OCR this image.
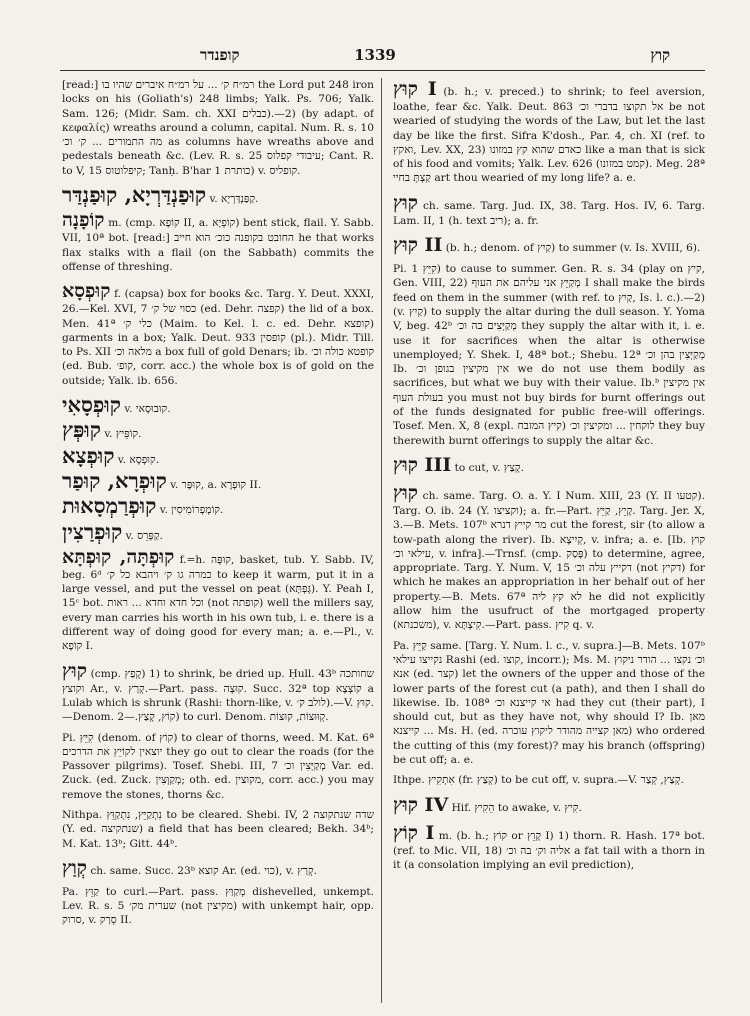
קופנדר	1339	קוץ
[read:] רמ״ח ק׳ ... על רמ״ח איברים שהיו בו the Lord put 248 iron locks on his (Goliath's) 248 limbs; Yalk. Ps. 706; Yalk. Sam. 126; (Midr. Sam. ch. XXI כבלים).—2) (by adapt. of κεφαλίς) wreaths around a column, capital. Num. R. s. 10 מה התמורים ... ק׳ וכ׳ as columns have wreaths above and pedestals beneath &c. (Lev. R. s. 25 עיבודי קפלוס; Cant. R. to V, 15 קיפלוטוס; Tanḥ. B'har 1 כותרת) v. קופליס.
קוּפַנְדַּרְיָא, קוּפַנְדַּר v. קַפַּנְדַּרְיָא.
קוֹפָנָה m. (cmp. קוֹפָא II, a. קוֹפְיָא) bent stick, flail. Y. Sabb. VII, 10ª bot. [read:] החובט בקופנה כוכ׳ הוא חייב he that works flax stalks with a flail (on the Sabbath) commits the offense of threshing.
קוּפְסָא f. (capsa) box for books &c. Targ. Y. Deut. XXXI, 26.—Kel. XVI, 7 כסוי של ק׳ (ed. Dehr. קפצה) the lid of a box. Men. 41ª כלי ק׳ (Maim. to Kel. l. c. ed. Dehr. קופצא) garments in a box; Yalk. Deut. 933 קופסין (pl.). Midr. Till. to Ps. XII מלאה וכ׳ a box full of gold Denars; ib. קופטא כולה וכ׳ (ed. Bub. קופ׳, corr. acc.) the whole box is of gold on the outside; Yalk. ib. 656.
קוּפְסָאִי v. קוּבוּסָאי.
קוּפְּץ v. קוֹפֵּיץ.
קוּפְצָא v. קוּפְסָא.
קוּפְרָא, קוּפַר v. קוּפָּר, a. קוּפְרָא II.
קוּפְרַמְסָאוּת v. קוֹמְפְרוֹמִיסִין.
קוּפְרַצִין v. קַפְּרֵס.
קוּפְתָּה, קוּפְתָּא f.=h. קוּפָּה, basket, tub. Y. Sabb. IV, beg. 6ᵈ כמרה גו ק׳ ויהבא כל ק׳ to keep it warm, put it in a large vessel, and put the vessel on peat (גְּפְתָּא). Y. Peah I, 15ᶜ bot. וכל חדא וחדא ... ראות (not קופתה) well the millers say, every man carries his worth in his own tub, i. e. there is a different way of doing good for every man; a. e.—Pl., v. קוֹפָא I.
קוּץ (cmp. קָפַץ) 1) to shrink, be dried up. Ḥull. 43ᵇ שחותכה וקוצץ Ar., v. קְרַץ.—Part. pass. קוּצָה. Succ. 32ª top קוֹצְצָא a Lulab which is shrunk (Rashi: thorn-like, v. לולב ק׳).—V. קוּץ.—Denom. קוֹץ, קָצַץ.—2) to curl. Denom. קְוּוּצוֹת, קוּצוֹת.
Pi. קִיֵּץ (denom. of קוֹץ) to clear of thorns, weed. M. Kat. 6ª יוצאין לקוֹיֵץ את הדרכים they go out to clear the roads (for the Passover pilgrims). Tosef. Shebi. III, 7 מְקַיְּצִין וכ׳ Var. ed. Zuck. (ed. Zuck. מְקַוְּצִין; oth. ed. מקוצין, corr. acc.) you may remove the stones, thorns &c.
Nithpa. נִתְקַיֵּץ, נִתְקַוֵּץ to be cleared. Shebi. IV, 2 שדה שנתקוצה (Y. ed. שנתקיצה) a field that has been cleared; Bekh. 34ᵇ; M. Kat. 13ᵇ; Gitt. 44ᵇ.
קְוַץ ch. same. Succ. 23ᵇ קוצא Ar. (ed. כוי), v. קְרַץ.
Pa. קַוֵּץ to curl.—Part. pass. מְקַוַּץ dishevelled, unkempt. Lev. R. s. 5 שערית מק׳ (not מקיצין) with unkempt hair, opp. סרוק, v. סְרַק II.
קוּץ I (b. h.; v. preced.) to shrink; to feel aversion, loathe, fear &c. Yalk. Deut. 863 אל תקוצו בדברי וכ׳ be not wearied of studying the words of the Law, but let the last day be like the first. Sifra K'dosh., Par. 4, ch. XI (ref. to ואקץ, Lev. XX, 23) כאדם שהוא קץ במזונו like a man that is sick of his food and vomits; Yalk. Lev. 626 (קמט במזונו). Meg. 28ª קַצְתָּ בחיי art thou wearied of my long life? a. e.
קוּץ ch. same. Targ. Jud. IX, 38. Targ. Hos. IV, 6. Targ. Lam. II, 1 (h. text ריב); a. fr.
קוּץ II (b. h.; denom. of קַיִץ) to summer (v. Is. XVIII, 6).
Pi. קִיֵּץ 1) to cause to summer. Gen. R. s. 34 (play on קיץ, Gen. VIII, 22) מְקַיֵּץ אני עליהם את העוף I shall make the birds feed on them in the summer (with ref. to קַיִץ, Is. l. c.).—2) (v. קַיִץ) to supply the altar during the dull season. Y. Yoma V, beg. 42ᵇ מְקַיְּצִים בה וכ׳ they supply the altar with it, i. e. use it for sacrifices when the altar is otherwise unemployed; Y. Shek. I, 48ª bot.; Shebu. 12ª מְקַיְּצִין בהן וכ׳ Ib. אין מקיצין בגופן וכ׳ we do not use them bodily as sacrifices, but what we buy with their value. Ib.ᵇ אין מקיצין בעולת העוף you must not buy birds for burnt offerings out of the funds designated for public free-will offerings. Tosef. Men. X, 8 (expl. קיץ המזבח) לוקחין ... ומקיצין וכ׳ they buy therewith burnt offerings to supply the altar &c.
קוּץ III to cut, v. קָצַץ.
קוּץ ch. same. Targ. O. a. Y. I Num. XIII, 23 (Y. II קטעו). Targ. O. ib. 24 (Y. וקציצו); a. fr.—Part. קָיֵץ, קַיֵּץ. Targ. Jer. X, 3.—B. Mets. 107ᵇ מר קייץ דנרא cut the forest, sir (to allow a tow-path along the river). Ib. קְיִיצָא, v. infra; a. e. [Ib. קוץ עילאי וכ׳, v. infra].—Trnsf. (cmp. פָּסַק) to determine, agree, appropriate. Targ. Y. Num. V, 15 דקייץ עלה וכ׳ (not דקיץ) for which he makes an appropriation in her behalf out of her property.—B. Mets. 67ª לא קץ ליה he did not explicitly allow him the usufruct of the mortgaged property (משכנתא), v. קִיצְתָּא.—Part. pass. קִיץ q. v.
Pa. קַיֵּץ same. [Targ. Y. Num. l. c., v. supra.]—B. Mets. 107ᵇ נקייצו עילאי Rashi (ed. קוצו, incorr.); Ms. M. וכ׳ נקצו ... הודר ניקוץ אנא (ed. קצר) let the owners of the upper and those of the lower parts of the forest cut (a path), and then I shall do likewise. Ib. 108ª אי קייצנא וכ׳ had they cut (their part), I should cut, but as they have not, why should I? Ib. מאן קייצנא ... Ms. H. (ed. מאן קצייה מהודר ליקוץ עוכרה) who ordered the cutting of this (my forest)? may his branch (offspring) be cut off; a. e.
Ithpe. אִתְקִיץ (fr. קְצַץ) to be cut off, v. supra.—V. קְצַץ, קְצַר.
קוּץ IV Hif. הֵקִיץ to awake, v. קִיץ.
קוֹץ I m. (b. h.; קוֹץ or קָוֵץ I) 1) thorn. R. Hash. 17ª bot. (ref. to Mic. VII, 18) אליה וק׳ בה וכ׳ a fat tail with a thorn in it (a consolation implying an evil prediction),
